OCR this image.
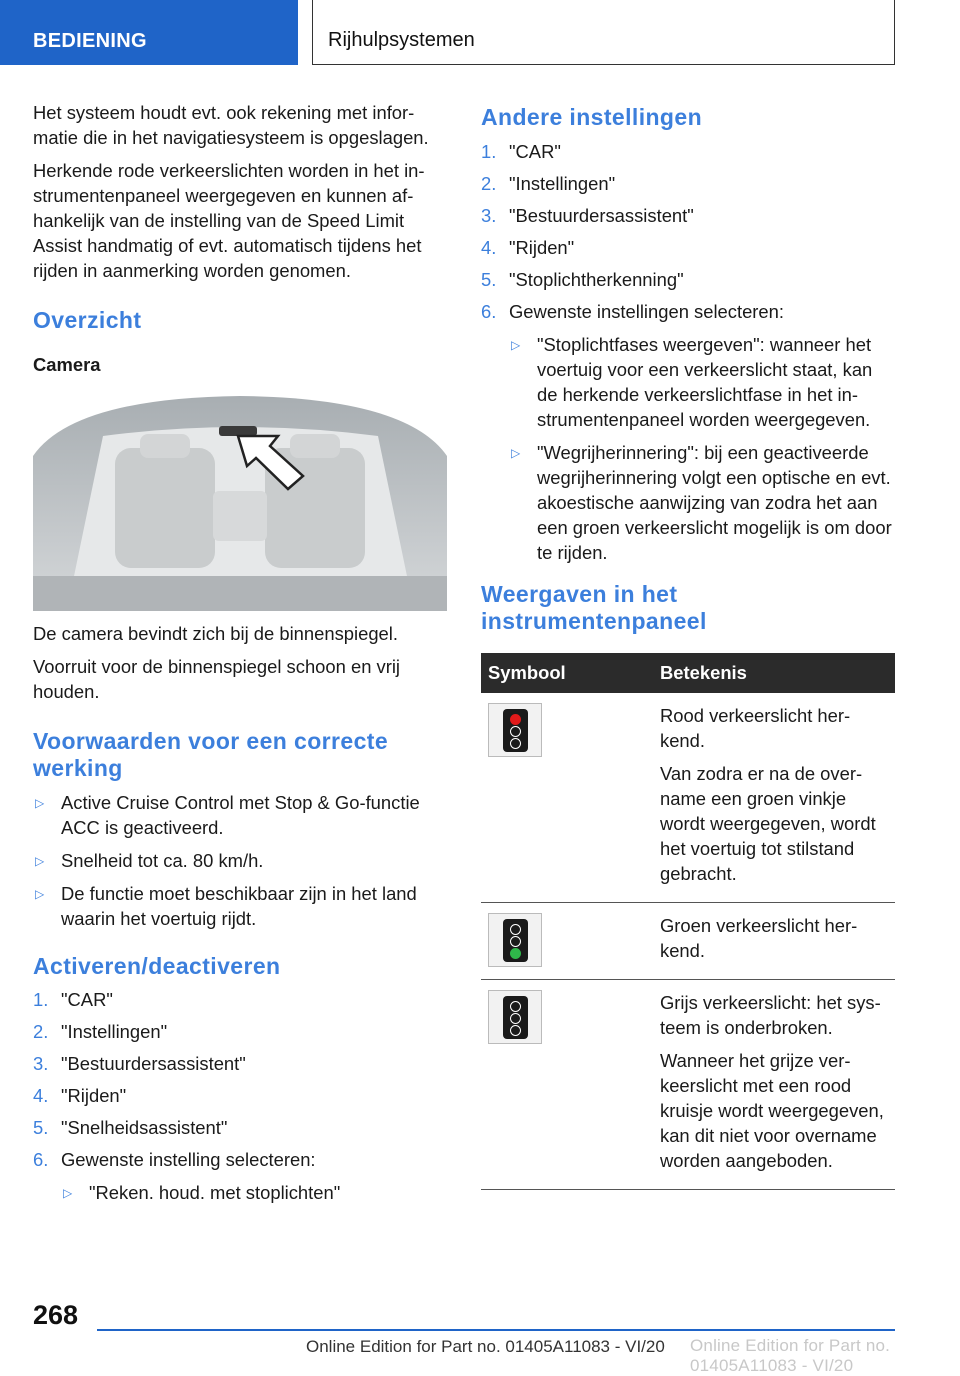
BEDIENING	Rijhulpsystemen

Het systeem houdt evt. ook rekening met infor-matie die in het navigatiesysteem is opgeslagen.

Herkende rode verkeerslichten worden in het in-strumentenpaneel weergegeven en kunnen af-hankelijk van de instelling van de Speed Limit Assist handmatig of evt. automatisch tijdens het rijden in aanmerking worden genomen.

Overzicht
Camera

De camera bevindt zich bij de binnenspiegel.

Voorruit voor de binnenspiegel schoon en vrij houden.

Voorwaarden voor een correcte werking
▷ Active Cruise Control met Stop & Go-functie ACC is geactiveerd.
▷ Snelheid tot ca. 80 km/h.
▷ De functie moet beschikbaar zijn in het land waarin het voertuig rijdt.
Activeren/deactiveren
1. "CAR"
2. "Instellingen"
3. "Bestuurdersassistent"
4. "Rijden"
5. "Snelheidsassistent"
6. Gewenste instelling selecteren:
▷ "Reken. houd. met stoplichten"
Andere instellingen
1. "CAR"
2. "Instellingen"
3. "Bestuurdersassistent"
4. "Rijden"
5. "Stoplichtherkenning"
6. Gewenste instellingen selecteren:
▷ "Stoplichtfases weergeven": wanneer het voertuig voor een verkeerslicht staat, kan de herkende verkeerslichtfase in het in-strumentenpaneel worden weergegeven.
▷ "Wegrijherinnering": bij een geactiveerde wegrijherinnering volgt een optische en evt. akoestische aanwijzing van zodra het aan een groen verkeerslicht mogelijk is om door te rijden.
Weergaven in het
instrumentenpaneel
Symbool	Betekenis

	Rood verkeerslicht her-kend.

Van zodra er na de over-name een groen vinkje wordt weergegeven, wordt het voertuig tot stilstand gebracht.

	Groen verkeerslicht her-kend.

	Grijs verkeerslicht: het sys-teem is onderbroken.

Wanneer het grijze ver-keerslicht met een rood kruisje wordt weergegeven, kan dit niet voor overname worden aangeboden.

268
Online Edition for Part no. 01405A11083 - VI/20 Online Edition for Part no. 01405A11083 - VI/20
